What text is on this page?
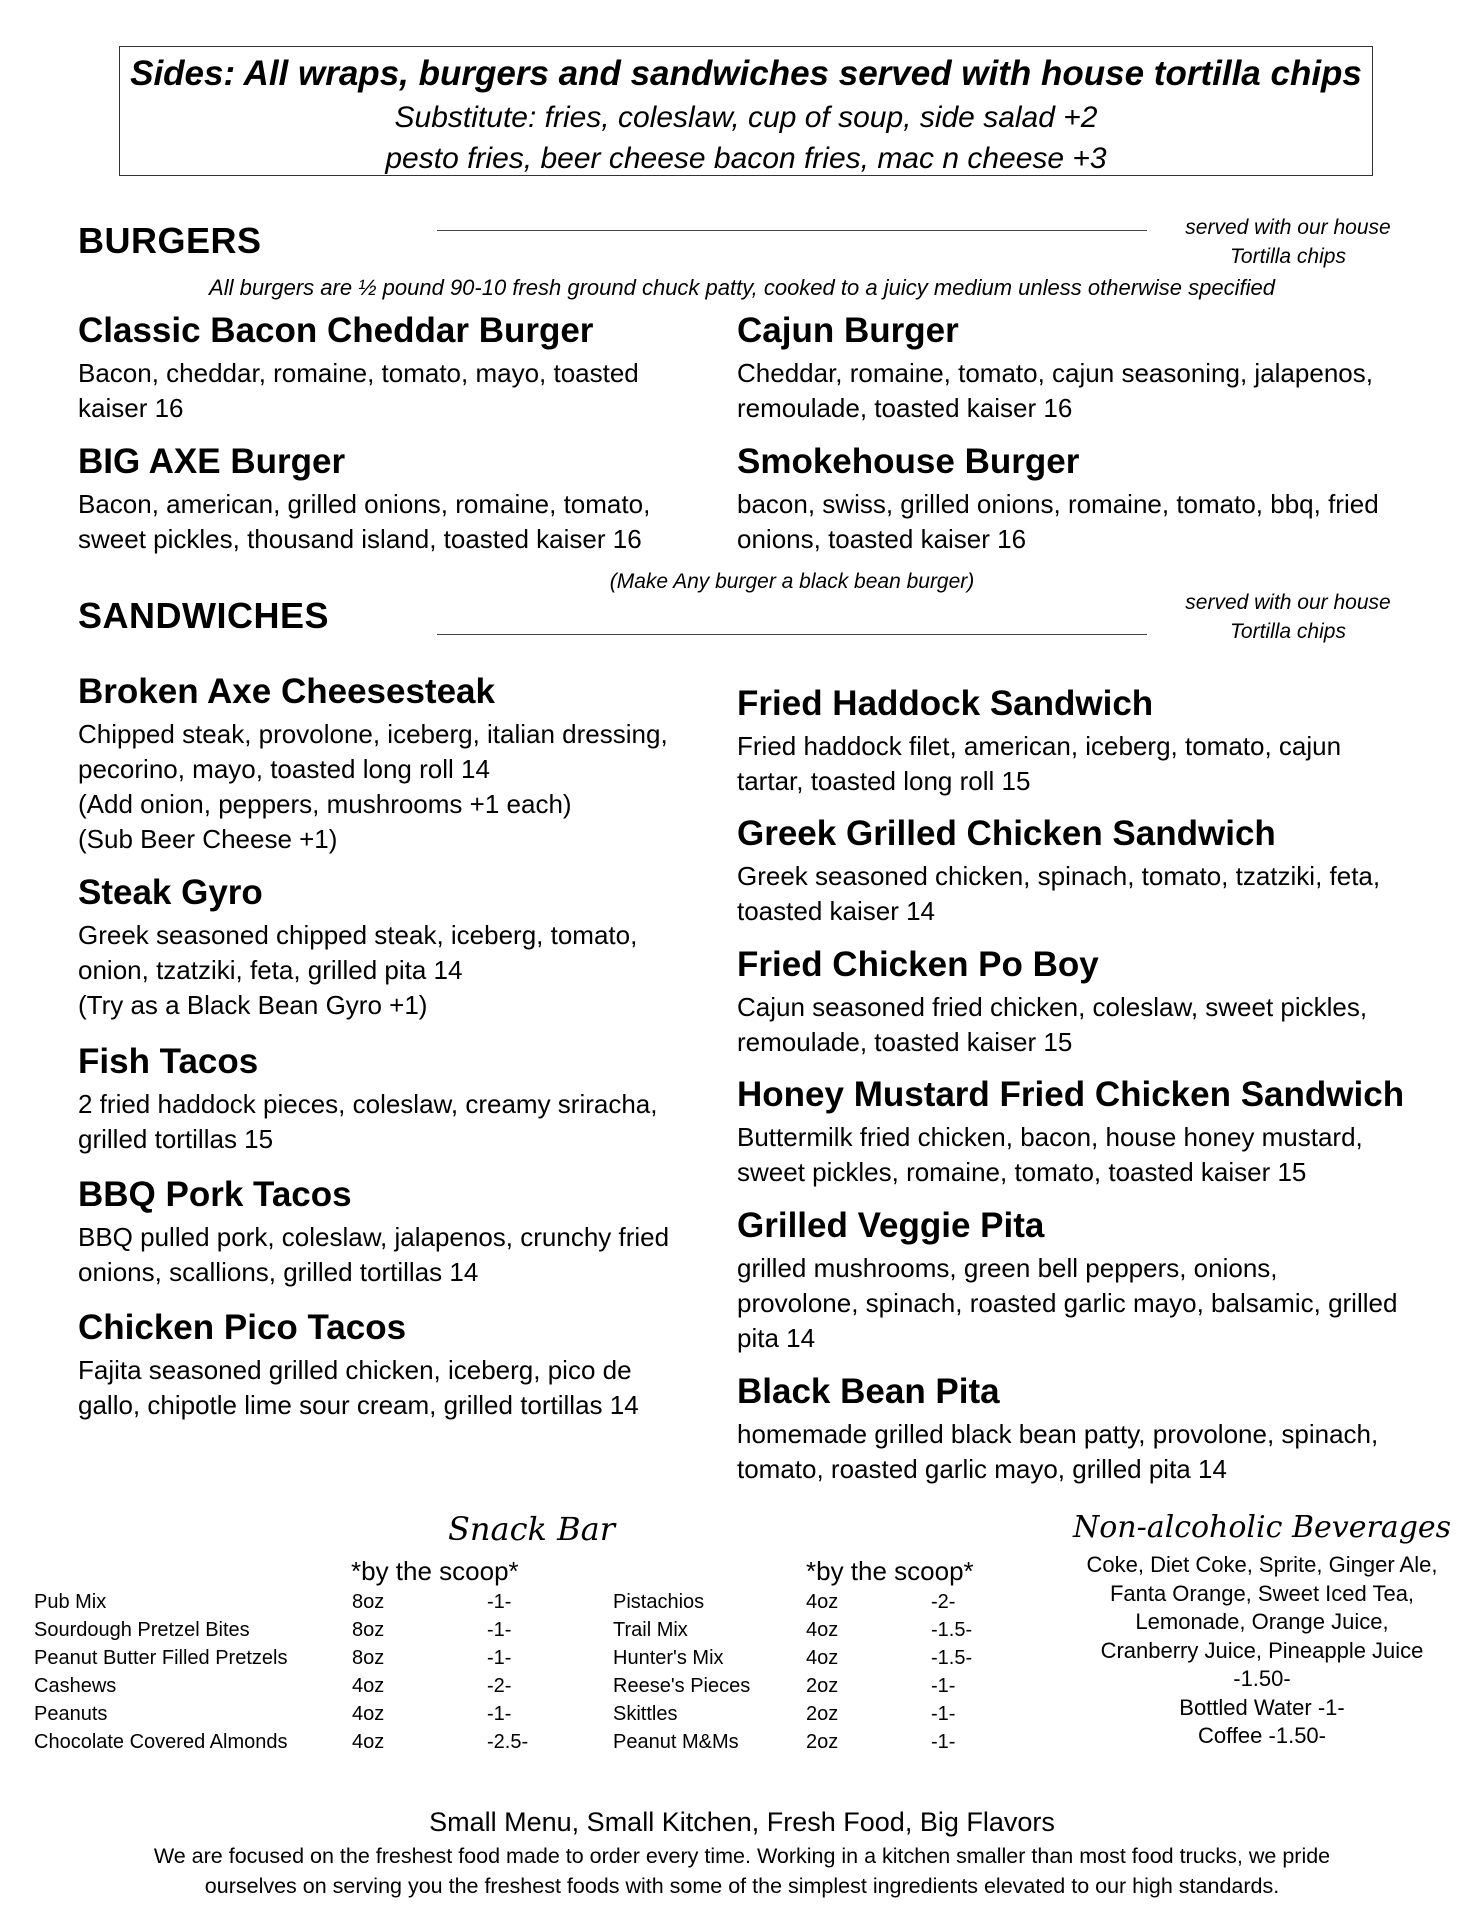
Sides: All wraps, burgers and sandwiches served with house tortilla chips
Substitute: fries, coleslaw, cup of soup, side salad +2
pesto fries, beer cheese bacon fries, mac n cheese +3
BURGERS	served with our house
Tortilla chips
All burgers are ½ pound 90-10 fresh ground chuck patty, cooked to a juicy medium unless otherwise specified
Classic Bacon Cheddar Burger
Bacon, cheddar, romaine, tomato, mayo, toasted kaiser 16
Cajun Burger
Cheddar, romaine, tomato, cajun seasoning, jalapenos, remoulade, toasted kaiser 16
BIG AXE Burger
Bacon, american, grilled onions, romaine, tomato, sweet pickles, thousand island, toasted kaiser 16
Smokehouse Burger
bacon, swiss, grilled onions, romaine, tomato, bbq, fried onions, toasted kaiser 16
(Make Any burger a black bean burger)
SANDWICHES	served with our house
Tortilla chips
Broken Axe Cheesesteak
Chipped steak, provolone, iceberg, italian dressing,
pecorino, mayo, toasted long roll 14
(Add onion, peppers, mushrooms +1 each)
(Sub Beer Cheese +1)
Steak Gyro
Greek seasoned chipped steak, iceberg, tomato,
onion, tzatziki, feta, grilled pita 14
(Try as a Black Bean Gyro +1)
Fish Tacos
2 fried haddock pieces, coleslaw, creamy sriracha,
grilled tortillas 15
BBQ Pork Tacos
BBQ pulled pork, coleslaw, jalapenos, crunchy fried
onions, scallions, grilled tortillas 14
Chicken Pico Tacos
Fajita seasoned grilled chicken, iceberg, pico de
gallo, chipotle lime sour cream, grilled tortillas 14
Fried Haddock Sandwich
Fried haddock filet, american, iceberg, tomato, cajun
tartar, toasted long roll 15
Greek Grilled Chicken Sandwich
Greek seasoned chicken, spinach, tomato, tzatziki, feta,
toasted kaiser 14
Fried Chicken Po Boy
Cajun seasoned fried chicken, coleslaw, sweet pickles,
remoulade, toasted kaiser 15
Honey Mustard Fried Chicken Sandwich
Buttermilk fried chicken, bacon, house honey mustard,
sweet pickles, romaine, tomato, toasted kaiser 15
Grilled Veggie Pita
grilled mushrooms, green bell peppers, onions,
provolone, spinach, roasted garlic mayo, balsamic, grilled
pita 14
Black Bean Pita
homemade grilled black bean patty, provolone, spinach,
tomato, roasted garlic mayo, grilled pita 14
Snack Bar
*by the scoop*	*by the scoop*
Pub Mix	8oz	-1-
Sourdough Pretzel Bites	8oz	-1-
Peanut Butter Filled Pretzels	8oz	-1-
Cashews	4oz	-2-
Peanuts	4oz	-1-
Chocolate Covered Almonds	4oz	-2.5-
Pistachios	4oz	-2-
Trail Mix	4oz	-1.5-
Hunter's Mix	4oz	-1.5-
Reese's Pieces	2oz	-1-
Skittles	2oz	-1-
Peanut M&Ms	2oz	-1-
Non-alcoholic Beverages
Coke, Diet Coke, Sprite, Ginger Ale,
Fanta Orange, Sweet Iced Tea,
Lemonade, Orange Juice,
Cranberry Juice, Pineapple Juice
-1.50-
Bottled Water -1-
Coffee -1.50-
Small Menu, Small Kitchen, Fresh Food, Big Flavors
We are focused on the freshest food made to order every time. Working in a kitchen smaller than most food trucks, we pride
ourselves on serving you the freshest foods with some of the simplest ingredients elevated to our high standards.
